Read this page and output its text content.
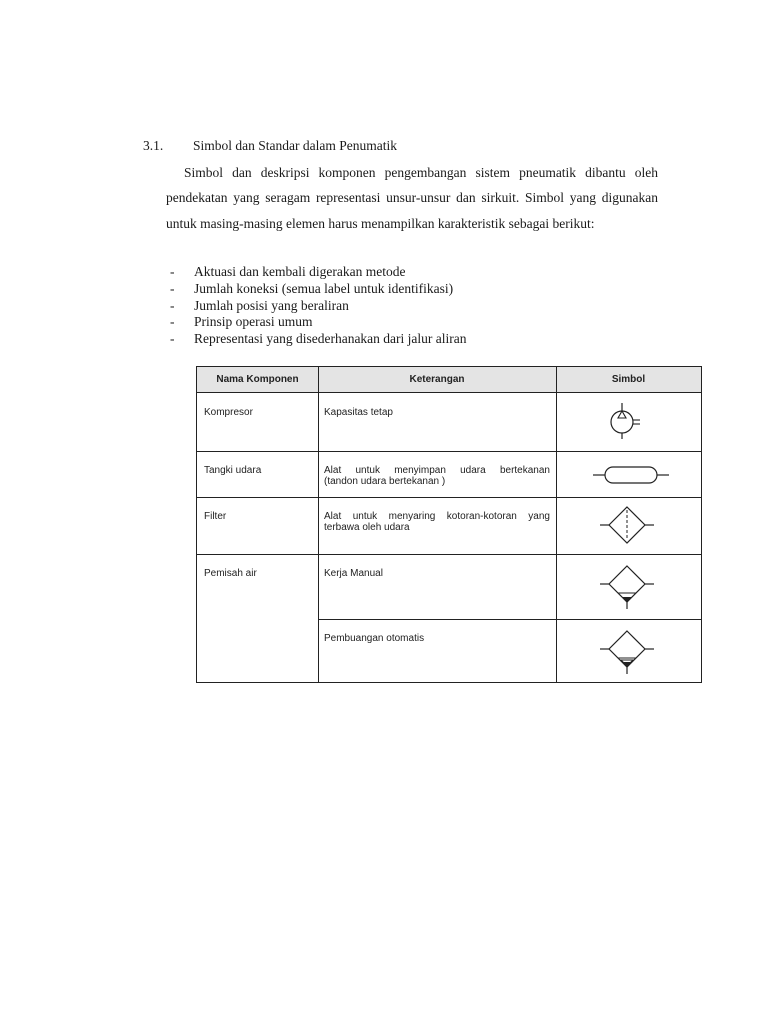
3.1. Simbol dan Standar dalam Penumatik
Simbol dan deskripsi komponen pengembangan sistem pneumatik dibantu oleh pendekatan yang seragam representasi unsur-unsur dan sirkuit. Simbol yang digunakan untuk masing-masing elemen harus menampilkan karakteristik sebagai berikut:
- Aktuasi dan kembali digerakan metode
- Jumlah koneksi (semua label untuk identifikasi)
- Jumlah posisi yang beraliran
- Prinsip operasi umum
- Representasi yang disederhanakan dari jalur aliran
Nama Komponen	Keterangan	Simbol
Kompresor	Kapasitas tetap
Tangki udara	Alat untuk menyimpan udara bertekanan
(tandon udara bertekanan )
Filter	Alat untuk menyaring kotoran-kotoran yang
terbawa oleh udara
Pemisah air	Kerja Manual
Pembuangan otomatis
